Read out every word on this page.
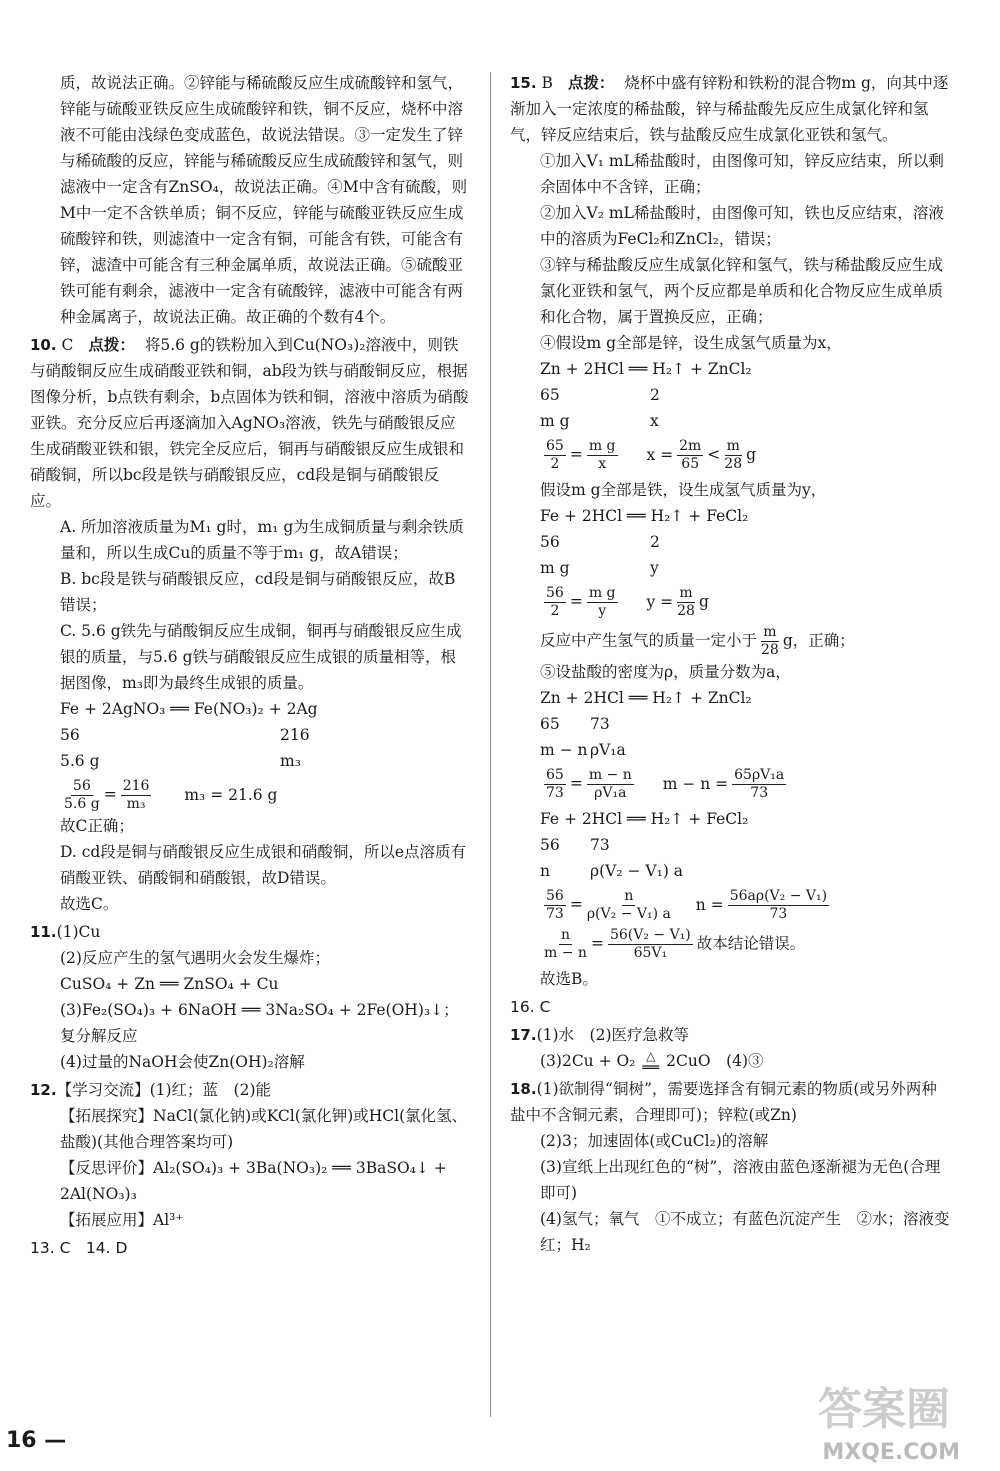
质，故说法正确。②锌能与稀硫酸反应生成硫酸锌和氢气，锌能与硫酸亚铁反应生成硫酸锌和铁，铜不反应，烧杯中溶液不可能由浅绿色变成蓝色，故说法错误。③一定发生了锌与稀硫酸的反应，锌能与稀硫酸反应生成硫酸锌和氢气，则滤液中一定含有ZnSO₄，故说法正确。④M中含有硫酸，则M中一定不含铁单质；铜不反应，锌能与硫酸亚铁反应生成硫酸锌和铁，则滤渣中一定含有铜，可能含有铁，可能含有锌，滤渣中可能含有三种金属单质，故说法正确。⑤硫酸亚铁可能有剩余，滤液中一定含有硫酸锌，滤液中可能含有两种金属离子，故说法正确。故正确的个数有4个。

10. C 点拨： 将5.6 g的铁粉加入到Cu(NO₃)₂溶液中，则铁与硝酸铜反应生成硝酸亚铁和铜，ab段为铁与硝酸铜反应，根据图像分析，b点铁有剩余，b点固体为铁和铜，溶液中溶质为硝酸亚铁。充分反应后再逐滴加入AgNO₃溶液，铁先与硝酸银反应生成硝酸亚铁和银，铁完全反应后，铜再与硝酸银反应生成银和硝酸铜，所以bc段是铁与硝酸银反应，cd段是铜与硝酸银反应。
A. 所加溶液质量为M₁ g时，m₁ g为生成铜质量与剩余铁质量和，所以生成Cu的质量不等于m₁ g，故A错误；
B. bc段是铁与硝酸银反应，cd段是铜与硝酸银反应，故B错误；
C. 5.6 g铁先与硝酸铜反应生成铜，铜再与硝酸银反应生成银的质量，与5.6 g铁与硝酸银反应生成银的质量相等，根据图像，m₃即为最终生成银的质量。
Fe + 2AgNO₃ ══ Fe(NO₃)₂ + 2Ag
56	216
5.6 g	m₃
$\frac{56}{5.6 g} = \frac{216}{\text{m₃}} m_3 = 21.6$ g
故C正确；
D. cd段是铜与硝酸银反应生成银和硝酸铜，所以e点溶质有硝酸亚铁、硝酸铜和硝酸银，故D错误。
故选C。
11.(1)Cu
(2)反应产生的氢气遇明火会发生爆炸；
CuSO₄ + Zn ══ ZnSO₄ + Cu
(3)Fe₂(SO₄)₃ + 6NaOH ══ 3Na₂SO₄ + 2Fe(OH)₃↓；
复分解反应
(4)过量的NaOH会使Zn(OH)₂溶解
12.【学习交流】(1)红；蓝　(2)能
【拓展探究】NaCl(氯化钠)或KCl(氯化钾)或HCl(氯化氢、盐酸)(其他合理答案均可)
【反思评价】Al₂(SO₄)₃ + 3Ba(NO₃)₂ ══ 3BaSO₄↓ + 2Al(NO₃)₃
【拓展应用】Al³⁺
13. C　14. D
15. B 点拨： 烧杯中盛有锌粉和铁粉的混合物m g，向其中逐渐加入一定浓度的稀盐酸，锌与稀盐酸先反应生成氯化锌和氢气，锌反应结束后，铁与盐酸反应生成氯化亚铁和氢气。
①加入V₁ mL稀盐酸时，由图像可知，锌反应结束，所以剩余固体中不含锌，正确；
②加入V₂ mL稀盐酸时，由图像可知，铁也反应结束，溶液中的溶质为FeCl₂和ZnCl₂，错误；
③锌与稀盐酸反应生成氯化锌和氢气，铁与稀盐酸反应生成氯化亚铁和氢气，两个反应都是单质和化合物反应生成单质和化合物，属于置换反应，正确；
④假设m g全部是锌，设生成氢气质量为x，
Zn + 2HCl ══ H₂↑ + ZnCl₂
65	2
m g	x
$\frac{65}{2} = \frac{\text{m g}}{x}$ $x = \frac{2m}{65} < \frac{m}{28}$ g
假设m g全部是铁，设生成氢气质量为y，
Fe + 2HCl ══ H₂↑ + FeCl₂
56	2
m g	y
$\frac{56}{2} = \frac{\text{m g}}{y}$ $y = \frac{m}{28}$ g
反应中产生氢气的质量一定小于 $\frac{m}{28}$ g，正确；
⑤设盐酸的密度为ρ，质量分数为a，
Zn + 2HCl ══ H₂↑ + ZnCl₂
65 73
m − n ρV₁a
$\frac{65}{73} = \frac{m - n}{\text{ρV₁a}}$ $m - n = \frac{\text{65ρV₁a}}{73}$
Fe + 2HCl ══ H₂↑ + FeCl₂
56 73
n	ρ(V₂ − V₁) a
$\frac{56}{73} = \frac{n}{\text{ρ(V₂ − V₁) a}}$ $n = \frac{\text{56aρ(V₂ − V₁)}}{73}$
$\frac{n}{m - n} = \frac{\text{56(V₂ − V₁)}}{\text{65V₁}}$ 故本结论错误。
故选B。
16. C
17.(1)水　(2)医疗急救等
(3)2Cu + O₂ △
══ 2CuO　(4)③
18.(1)欲制得“铜树”，需要选择含有铜元素的物质(或另外两种盐中不含铜元素，合理即可)；锌粒(或Zn)
(2)3；加速固体(或CuCl₂)的溶解
(3)宣纸上出现红色的“树”，溶液由蓝色逐渐褪为无色(合理即可)
(4)氢气；氧气　①不成立；有蓝色沉淀产生　②水；溶液变红；H₂
16 —
答案圈
MXQE.COM
